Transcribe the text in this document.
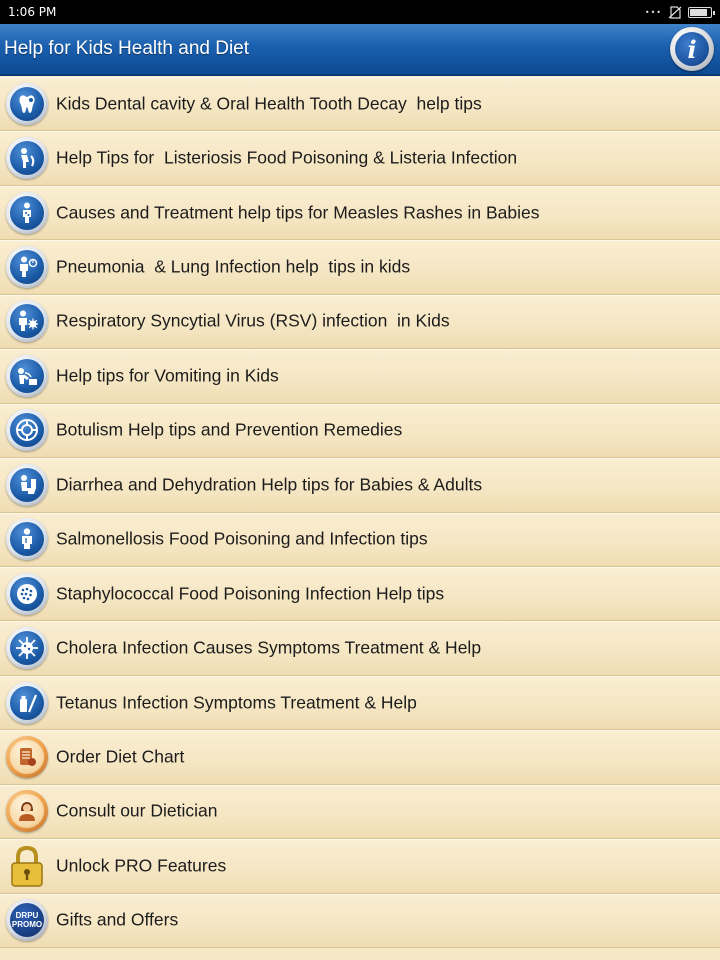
1:06 PM	•••
Help for Kids Health and Diet	i
Kids Dental cavity & Oral Health Tooth Decay  help tips
Help Tips for  Listeriosis Food Poisoning & Listeria Infection
Causes and Treatment help tips for Measles Rashes in Babies
Pneumonia  & Lung Infection help  tips in kids
Respiratory Syncytial Virus (RSV) infection  in Kids
Help tips for Vomiting in Kids
Botulism Help tips and Prevention Remedies
Diarrhea and Dehydration Help tips for Babies & Adults
Salmonellosis Food Poisoning and Infection tips
Staphylococcal Food Poisoning Infection Help tips
Cholera Infection Causes Symptoms Treatment & Help
Tetanus Infection Symptoms Treatment & Help
Order Diet Chart
Consult our Dietician
Unlock PRO Features
DRPU
PROMO Gifts and Offers
